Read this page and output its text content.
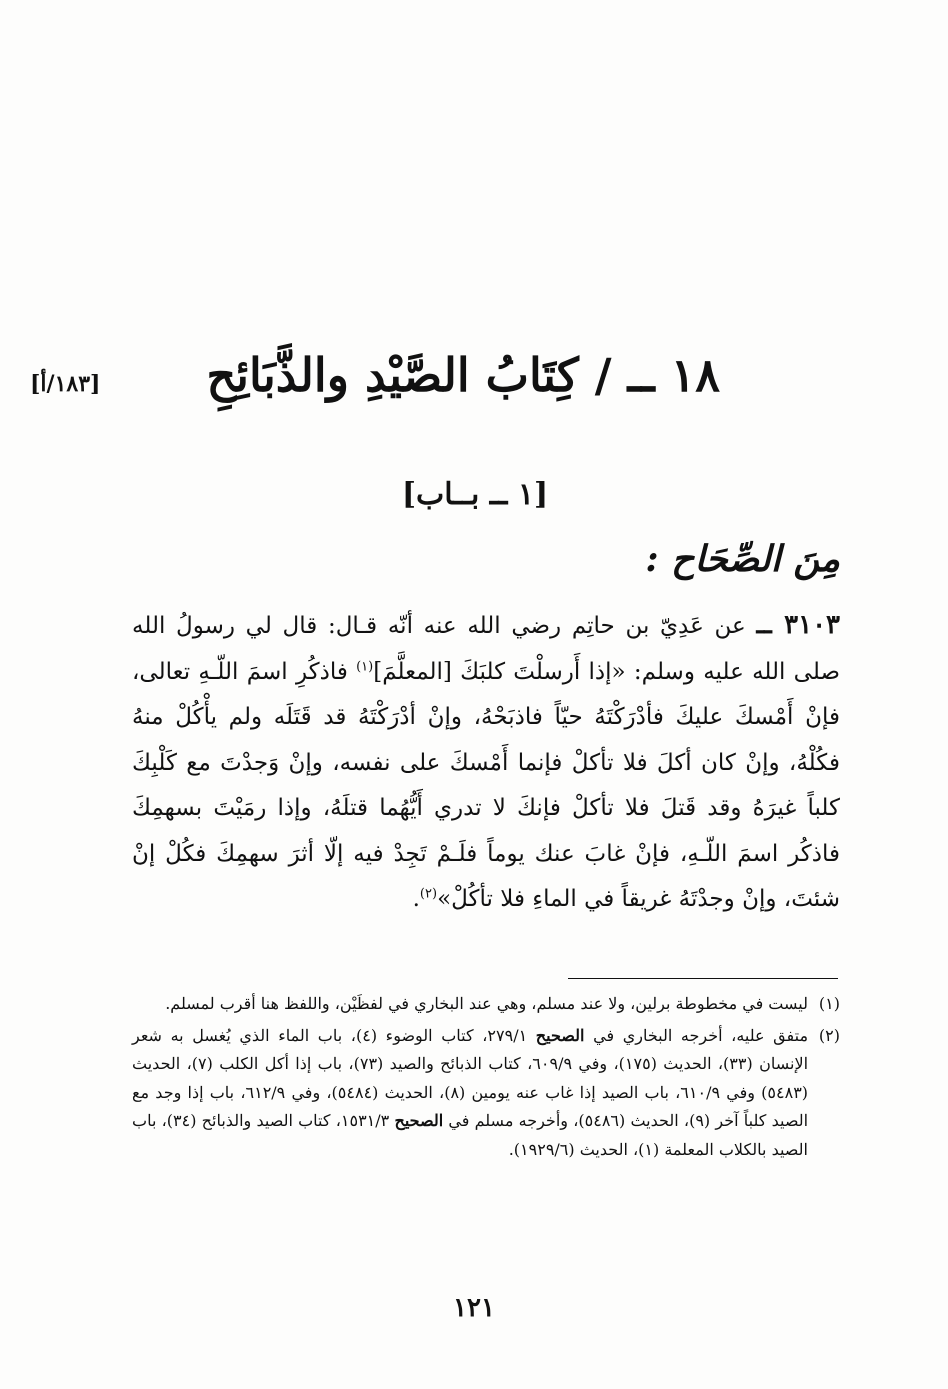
١٨ ــ / كِتَابُ الصَّيْدِ والذَّبَائِحِ
[١٨٣/أ]
[١ ــ بــاب]
مِنَ الصِّحَاح :
٣١٠٣ ــ عن عَدِيّ بن حاتِم رضي الله عنه أنّه قـال: قال لي رسولُ الله صلى الله عليه وسلم: «إذا أَرسلْتَ كلبَكَ [المعلَّمَ]$^{(١)}$ فاذكُرِ اسمَ اللّـهِ تعالى، فإنْ أَمْسكَ عليكَ فأدْرَكْتَهُ حيّاً فاذبَحْهُ، وإنْ أدْرَكْتَهُ قد قَتَلَه ولم يأْكُلْ منهُ فكُلْهُ، وإنْ كان أكلَ فلا تأكلْ فإنما أَمْسكَ على نفسه، وإنْ وَجدْتَ مع كَلْبِكَ كلباً غيرَهُ وقد قَتلَ فلا تأكلْ فإنكَ لا تدري أَيُّهُما قتلَهُ، وإذا رمَيْتَ بسهمِكَ فاذكُر اسمَ اللّـهِ، فإنْ غابَ عنك يوماً فلَـمْ تَجِدْ فيه إلّا أثرَ سهمِكَ فكُلْ إنْ شئتَ، وإنْ وجدْتَهُ غريقاً في الماءِ فلا تأكُلْ»$^{(٢)}$.

(١)
ليست في مخطوطة برلين، ولا عند مسلم، وهي عند البخاري في لفظَيْن، واللفظ هنا أقرب لمسلم.

(٢)
متفق عليه، أخرجه البخاري في الصحيح ٢٧٩/١، كتاب الوضوء (٤)، باب الماء الذي يُغسل به شعر الإنسان (٣٣)، الحديث (١٧٥)، وفي ٦٠٩/٩، كتاب الذبائح والصيد (٧٣)، باب إذا أكل الكلب (٧)، الحديث (٥٤٨٣) وفي ٦١٠/٩، باب الصيد إذا غاب عنه يومين (٨)، الحديث (٥٤٨٤)، وفي ٦١٢/٩، باب إذا وجد مع الصيد كلباً آخر (٩)، الحديث (٥٤٨٦)، وأخرجه مسلم في الصحيح ١٥٣١/٣، كتاب الصيد والذبائح (٣٤)، باب الصيد بالكلاب المعلمة (١)، الحديث (١٩٢٩/٦).

١٢١
